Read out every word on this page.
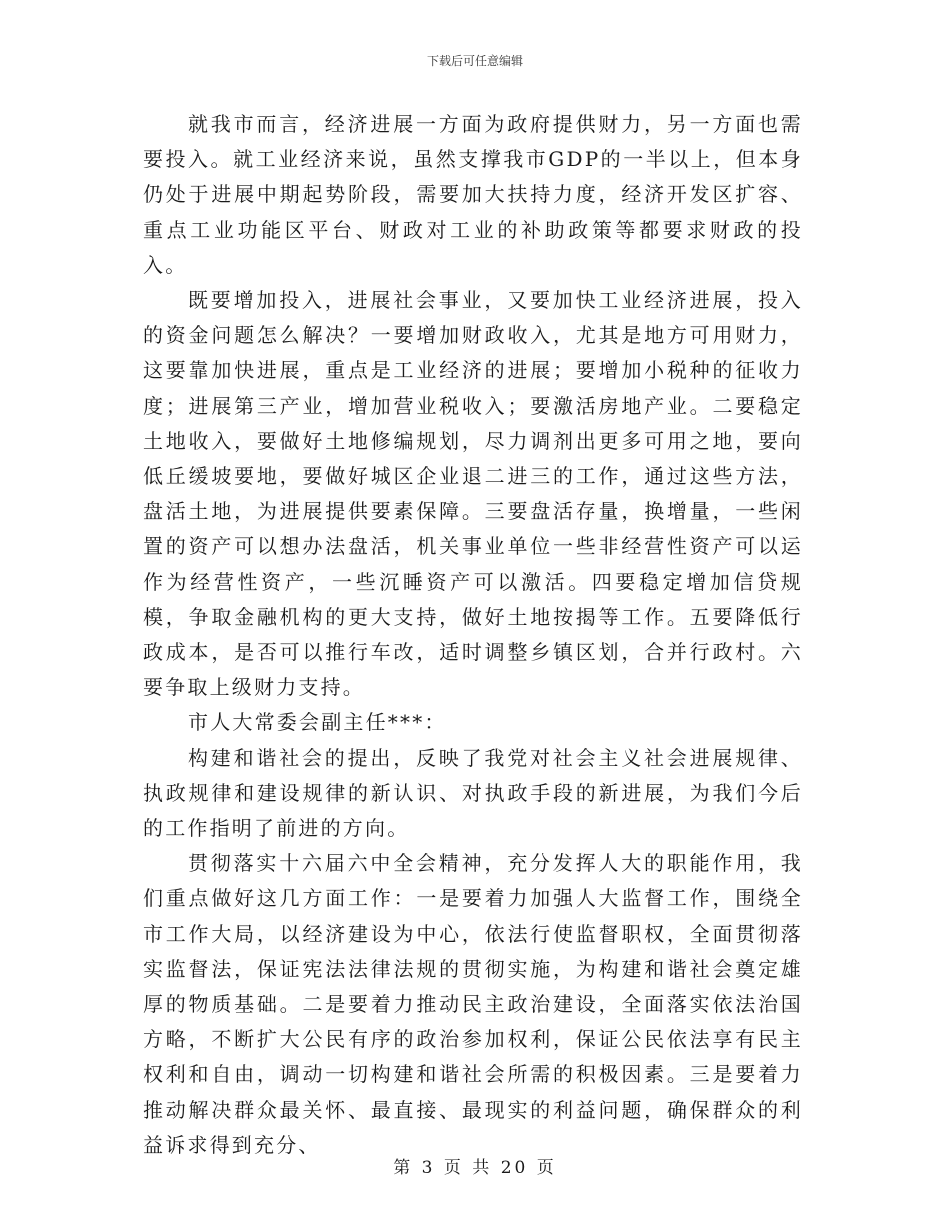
下载后可任意编辑

就我市而言，经济进展一方面为政府提供财力，另一方面也需要投入。就工业经济来说，虽然支撑我市GDP的一半以上，但本身仍处于进展中期起势阶段，需要加大扶持力度，经济开发区扩容、重点工业功能区平台、财政对工业的补助政策等都要求财政的投入。

既要增加投入，进展社会事业，又要加快工业经济进展，投入的资金问题怎么解决？一要增加财政收入，尤其是地方可用财力，这要靠加快进展，重点是工业经济的进展；要增加小税种的征收力度；进展第三产业，增加营业税收入；要激活房地产业。二要稳定土地收入，要做好土地修编规划，尽力调剂出更多可用之地，要向低丘缓坡要地，要做好城区企业退二进三的工作，通过这些方法，盘活土地，为进展提供要素保障。三要盘活存量，换增量，一些闲置的资产可以想办法盘活，机关事业单位一些非经营性资产可以运作为经营性资产，一些沉睡资产可以激活。四要稳定增加信贷规模，争取金融机构的更大支持，做好土地按揭等工作。五要降低行政成本，是否可以推行车改，适时调整乡镇区划，合并行政村。六要争取上级财力支持。

市人大常委会副主任***：

构建和谐社会的提出，反映了我党对社会主义社会进展规律、执政规律和建设规律的新认识、对执政手段的新进展，为我们今后的工作指明了前进的方向。

贯彻落实十六届六中全会精神，充分发挥人大的职能作用，我们重点做好这几方面工作：一是要着力加强人大监督工作，围绕全市工作大局，以经济建设为中心，依法行使监督职权，全面贯彻落实监督法，保证宪法法律法规的贯彻实施，为构建和谐社会奠定雄厚的物质基础。二是要着力推动民主政治建设，全面落实依法治国方略，不断扩大公民有序的政治参加权利，保证公民依法享有民主权利和自由，调动一切构建和谐社会所需的积极因素。三是要着力推动解决群众最关怀、最直接、最现实的利益问题，确保群众的利益诉求得到充分、

第 3 页 共 20 页
